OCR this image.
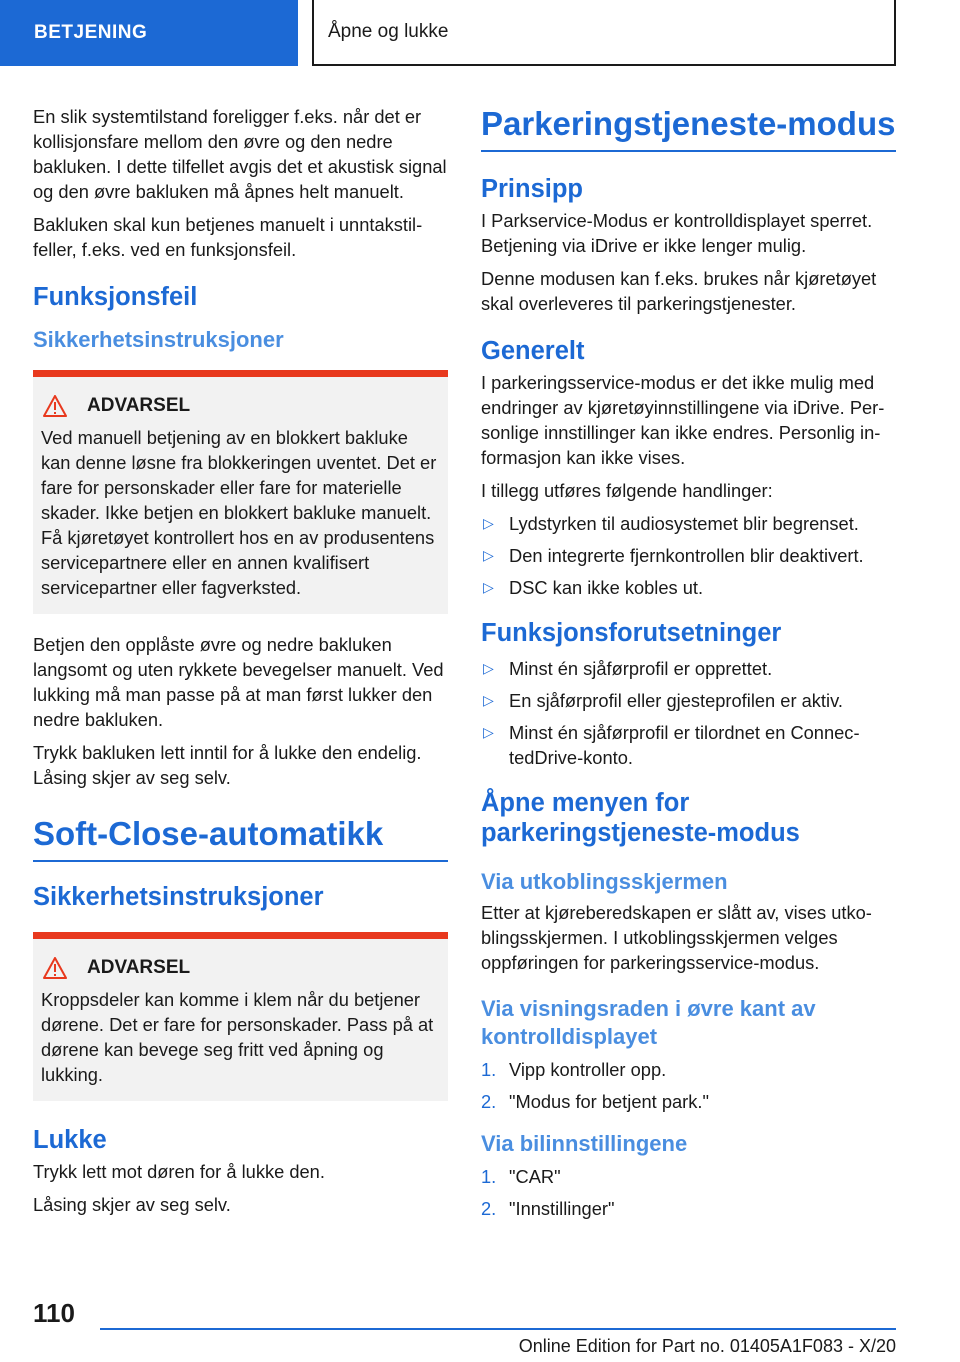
BETJENING	Åpne og lukke

En slik systemtilstand foreligger f.eks. når det er kollisjonsfare mellom den øvre og den nedre bakluken. I dette tilfellet avgis det et akustisk signal og den øvre bakluken må åpnes helt manuelt.

Bakluken skal kun betjenes manuelt i unntakstilfeller, f.eks. ved en funksjonsfeil.

Funksjonsfeil
Sikkerhetsinstruksjoner
ADVARSEL

Ved manuell betjening av en blokkert bakluke kan denne løsne fra blokkeringen uventet. Det er fare for personskader eller fare for materielle skader. Ikke betjen en blokkert bakluke manuelt. Få kjøretøyet kontrollert hos en av produsentens servicepartnere eller en annen kvalifisert servicepartner eller fagverksted.

Betjen den opplåste øvre og nedre bakluken langsomt og uten rykkete bevegelser manuelt. Ved lukking må man passe på at man først lukker den nedre bakluken.

Trykk bakluken lett inntil for å lukke den endelig. Låsing skjer av seg selv.

Soft-Close-automatikk
Sikkerhetsinstruksjoner
ADVARSEL

Kroppsdeler kan komme i klem når du betjener dørene. Det er fare for personskader. Pass på at dørene kan bevege seg fritt ved åpning og lukking.

Lukke

Trykk lett mot døren for å lukke den.

Låsing skjer av seg selv.

Parkeringstjeneste-modus
Prinsipp

I Parkservice-Modus er kontrolldisplayet sperret. Betjening via iDrive er ikke lenger mulig.

Denne modusen kan f.eks. brukes når kjøretøyet skal overleveres til parkeringstjenester.

Generelt

I parkeringsservice-modus er det ikke mulig med endringer av kjøretøyinnstillingene via iDrive. Personlige innstillinger kan ikke endres. Personlig informasjon kan ikke vises.

I tillegg utføres følgende handlinger:

▷ Lydstyrken til audiosystemet blir begrenset.
▷ Den integrerte fjernkontrollen blir deaktivert.
▷ DSC kan ikke kobles ut.
Funksjonsforutsetninger
▷ Minst én sjåførprofil er opprettet.
▷ En sjåførprofil eller gjesteprofilen er aktiv.
▷ Minst én sjåførprofil er tilordnet en ConnectedDrive-konto.
Åpne menyen for parkeringstjeneste-modus
Via utkoblingsskjermen

Etter at kjøreberedskapen er slått av, vises utkoblingsskjermen. I utkoblingsskjermen velges oppføringen for parkeringsservice-modus.

Via visningsraden i øvre kant av kontrolldisplayet
1. Vipp kontroller opp.
2. "Modus for betjent park."
Via bilinnstillingene
1. "CAR"
2. "Innstillinger"
110
Online Edition for Part no. 01405A1F083 - X/20
